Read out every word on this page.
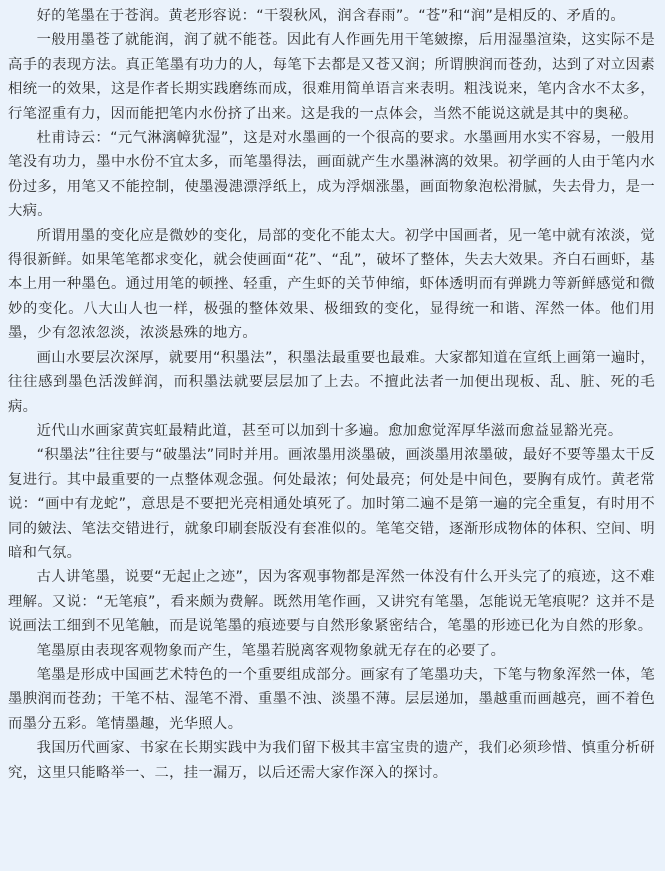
好的笔墨在于苍润。黄老形容说：“干裂秋风，润含春雨”。“苍”和“润”是相反的、矛盾的。

一般用墨苍了就能润，润了就不能苍。因此有人作画先用干笔皴擦，后用湿墨渲染，这实际不是高手的表现方法。真正笔墨有功力的人，每笔下去都是又苍又润；所谓腴润而苍劲，达到了对立因素相统一的效果，这是作者长期实践磨练而成，很难用简单语言来表明。粗浅说来，笔内含水不太多，行笔涩重有力，因而能把笔内水份挤了出来。这是我的一点体会，当然不能说这就是其中的奥秘。

杜甫诗云：“元气淋漓幛犹湿”，这是对水墨画的一个很高的要求。水墨画用水实不容易，一般用笔没有功力，墨中水份不宜太多，而笔墨得法，画面就产生水墨淋漓的效果。初学画的人由于笔内水份过多，用笔又不能控制，使墨漫漶漂浮纸上，成为浮烟涨墨，画面物象泡松滑腻，失去骨力，是一大病。

所谓用墨的变化应是微妙的变化，局部的变化不能太大。初学中国画者，见一笔中就有浓淡，觉得很新鲜。如果笔笔都求变化，就会使画面“花”、“乱”，破坏了整体，失去大效果。齐白石画虾，基本上用一种墨色。通过用笔的顿挫、轻重，产生虾的关节伸缩，虾体透明而有弹跳力等新鲜感觉和微妙的变化。八大山人也一样，极强的整体效果、极细致的变化，显得统一和谐、浑然一体。他们用墨，少有忽浓忽淡，浓淡悬殊的地方。

画山水要层次深厚，就要用“积墨法”，积墨法最重要也最难。大家都知道在宣纸上画第一遍时，往往感到墨色活泼鲜润，而积墨法就要层层加了上去。不擅此法者一加便出现板、乱、脏、死的毛病。

近代山水画家黄宾虹最精此道，甚至可以加到十多遍。愈加愈觉浑厚华滋而愈益显豁光亮。

“积墨法”往往要与“破墨法”同时并用。画浓墨用淡墨破，画淡墨用浓墨破，最好不要等墨太干反复进行。其中最重要的一点整体观念强。何处最浓；何处最亮；何处是中间色，要胸有成竹。黄老常说：“画中有龙蛇”，意思是不要把光亮相通处填死了。加时第二遍不是第一遍的完全重复，有时用不同的皴法、笔法交错进行，就象印刷套版没有套准似的。笔笔交错，逐渐形成物体的体积、空间、明暗和气氛。

古人讲笔墨，说要“无起止之迹”，因为客观事物都是浑然一体没有什么开头完了的痕迹，这不难理解。又说：“无笔痕”，看来颇为费解。既然用笔作画，又讲究有笔墨，怎能说无笔痕呢？这并不是说画法工细到不见笔触，而是说笔墨的痕迹要与自然形象紧密结合，笔墨的形迹已化为自然的形象。

笔墨原由表现客观物象而产生，笔墨若脱离客观物象就无存在的必要了。

笔墨是形成中国画艺术特色的一个重要组成部分。画家有了笔墨功夫，下笔与物象浑然一体，笔墨腴润而苍劲；干笔不枯、湿笔不滑、重墨不浊、淡墨不薄。层层递加，墨越重而画越亮，画不着色而墨分五彩。笔情墨趣，光华照人。

我国历代画家、书家在长期实践中为我们留下极其丰富宝贵的遗产，我们必须珍惜、慎重分析研究，这里只能略举一、二，挂一漏万，以后还需大家作深入的探讨。
